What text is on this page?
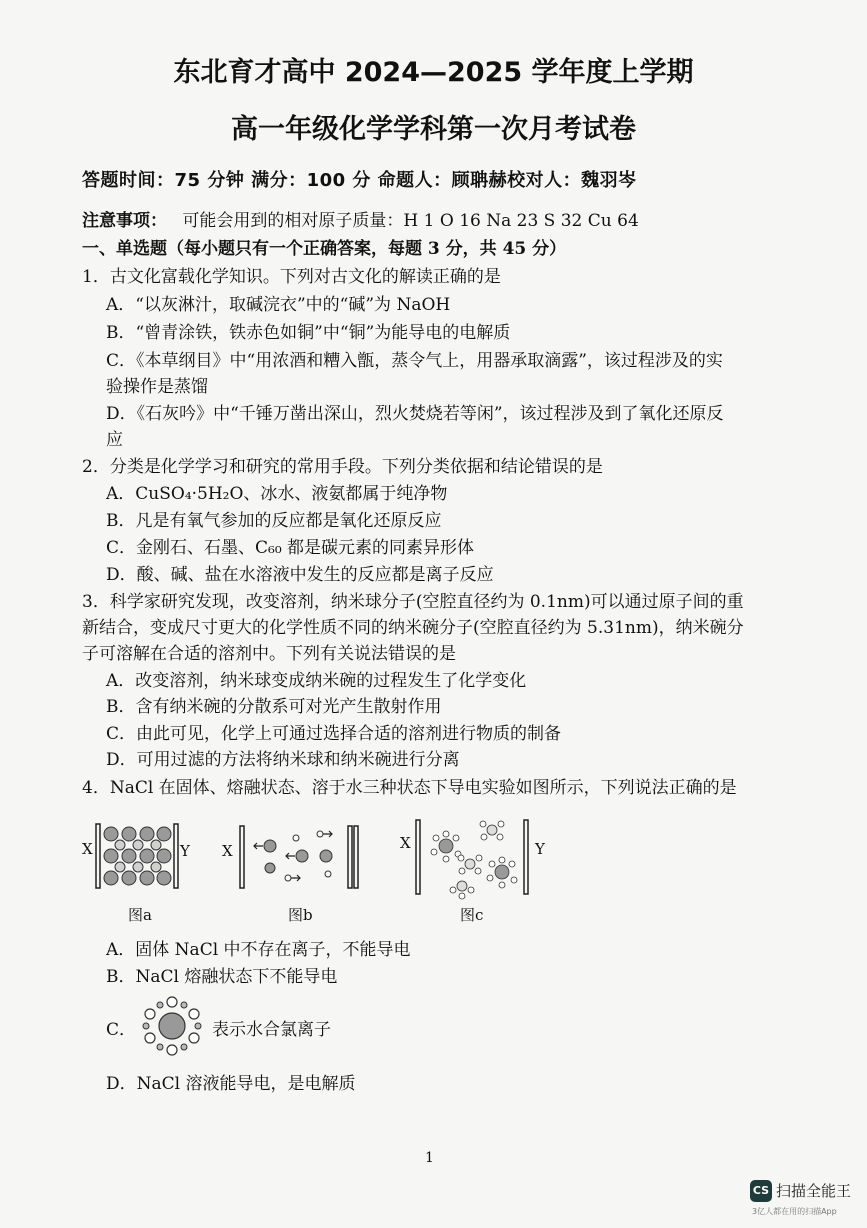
东北育才高中 2024—2025 学年度上学期
高一年级化学学科第一次月考试卷
答题时间：75 分钟 满分：100 分 命题人：顾聃赫校对人：魏羽岑
注意事项： 可能会用到的相对原子质量：H 1 O 16 Na 23 S 32 Cu 64
一、单选题（每小题只有一个正确答案，每题 3 分，共 45 分）
1．古文化富载化学知识。下列对古文化的解读正确的是
A．“以灰淋汁，取碱浣衣”中的“碱”为 NaOH
B．“曾青涂铁，铁赤色如铜”中“铜”为能导电的电解质
C．《本草纲目》中“用浓酒和糟入甑，蒸令气上，用器承取滴露”，该过程涉及的实
验操作是蒸馏
D．《石灰吟》中“千锤万凿出深山，烈火焚烧若等闲”，该过程涉及到了氧化还原反
应
2．分类是化学学习和研究的常用手段。下列分类依据和结论错误的是
A．CuSO₄·5H₂O、冰水、液氨都属于纯净物
B．凡是有氧气参加的反应都是氧化还原反应
C．金刚石、石墨、C₆₀ 都是碳元素的同素异形体
D．酸、碱、盐在水溶液中发生的反应都是离子反应
3．科学家研究发现，改变溶剂，纳米球分子(空腔直径约为 0.1nm)可以通过原子间的重
新结合，变成尺寸更大的化学性质不同的纳米碗分子(空腔直径约为 5.31nm)，纳米碗分
子可溶解在合适的溶剂中。下列有关说法错误的是
A．改变溶剂，纳米球变成纳米碗的过程发生了化学变化
B．含有纳米碗的分散系可对光产生散射作用
C．由此可见，化学上可通过选择合适的溶剂进行物质的制备
D．可用过滤的方法将纳米球和纳米碗进行分离
4．NaCl 在固体、熔融状态、溶于水三种状态下导电实验如图所示，下列说法正确的是
X	Y
图a
X
图b
X	Y
图c
A．固体 NaCl 中不存在离子，不能导电
B．NaCl 熔融状态下不能导电
C．	表示水合氯离子
D．NaCl 溶液能导电，是电解质
1
CS 扫描全能王
3亿人都在用的扫描App
